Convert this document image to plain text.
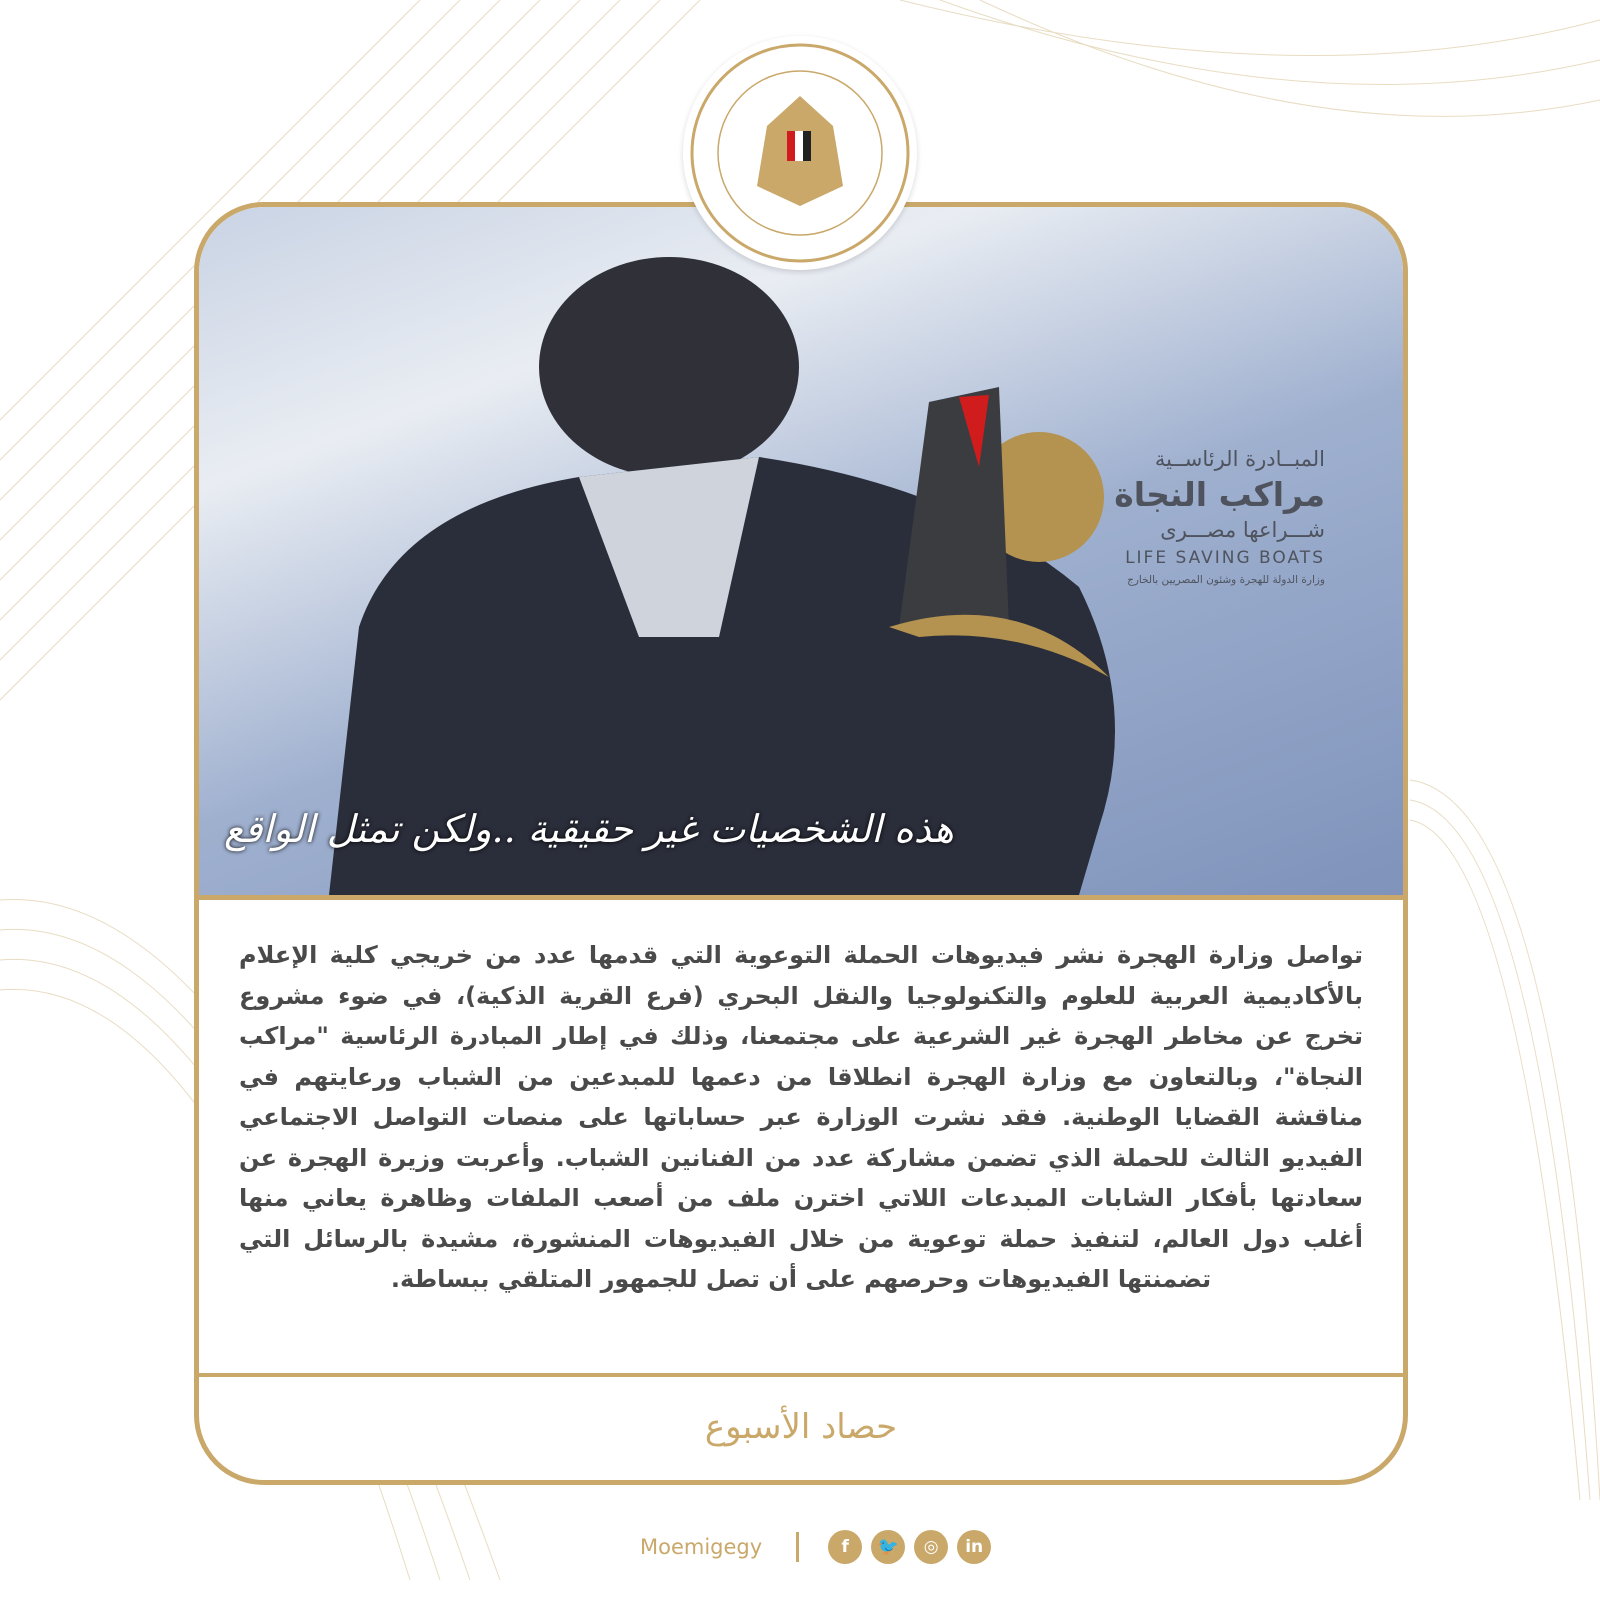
المبــادرة الرئاســية
مراكب النجاة
شـــراعها مصـــرى
LIFE SAVING BOATS
وزارة الدولة للهجرة وشئون المصريين بالخارج
هذه الشخصيات غير حقيقية ..ولكن تمثل الواقع
تواصل وزارة الهجرة نشر فيديوهات الحملة التوعوية التي قدمها عدد من خريجي كلية الإعلام بالأكاديمية العربية للعلوم والتكنولوجيا والنقل البحري (فرع القرية الذكية)، في ضوء مشروع تخرج عن مخاطر الهجرة غير الشرعية على مجتمعنا، وذلك في إطار المبادرة الرئاسية "مراكب النجاة"، وبالتعاون مع وزارة الهجرة انطلاقا من دعمها للمبدعين من الشباب ورعايتهم في مناقشة القضايا الوطنية. فقد نشرت الوزارة عبر حساباتها على منصات التواصل الاجتماعي الفيديو الثالث للحملة الذي تضمن مشاركة عدد من الفنانين الشباب. وأعربت وزيرة الهجرة عن سعادتها بأفكار الشابات المبدعات اللاتي اخترن ملف من أصعب الملفات وظاهرة يعاني منها أغلب دول العالم، لتنفيذ حملة توعوية من خلال الفيديوهات المنشورة، مشيدة بالرسائل التي تضمنتها الفيديوهات وحرصهم على أن تصل للجمهور المتلقي ببساطة.
حصاد الأسبوع
Moemigegy	f	🐦	◎	in
